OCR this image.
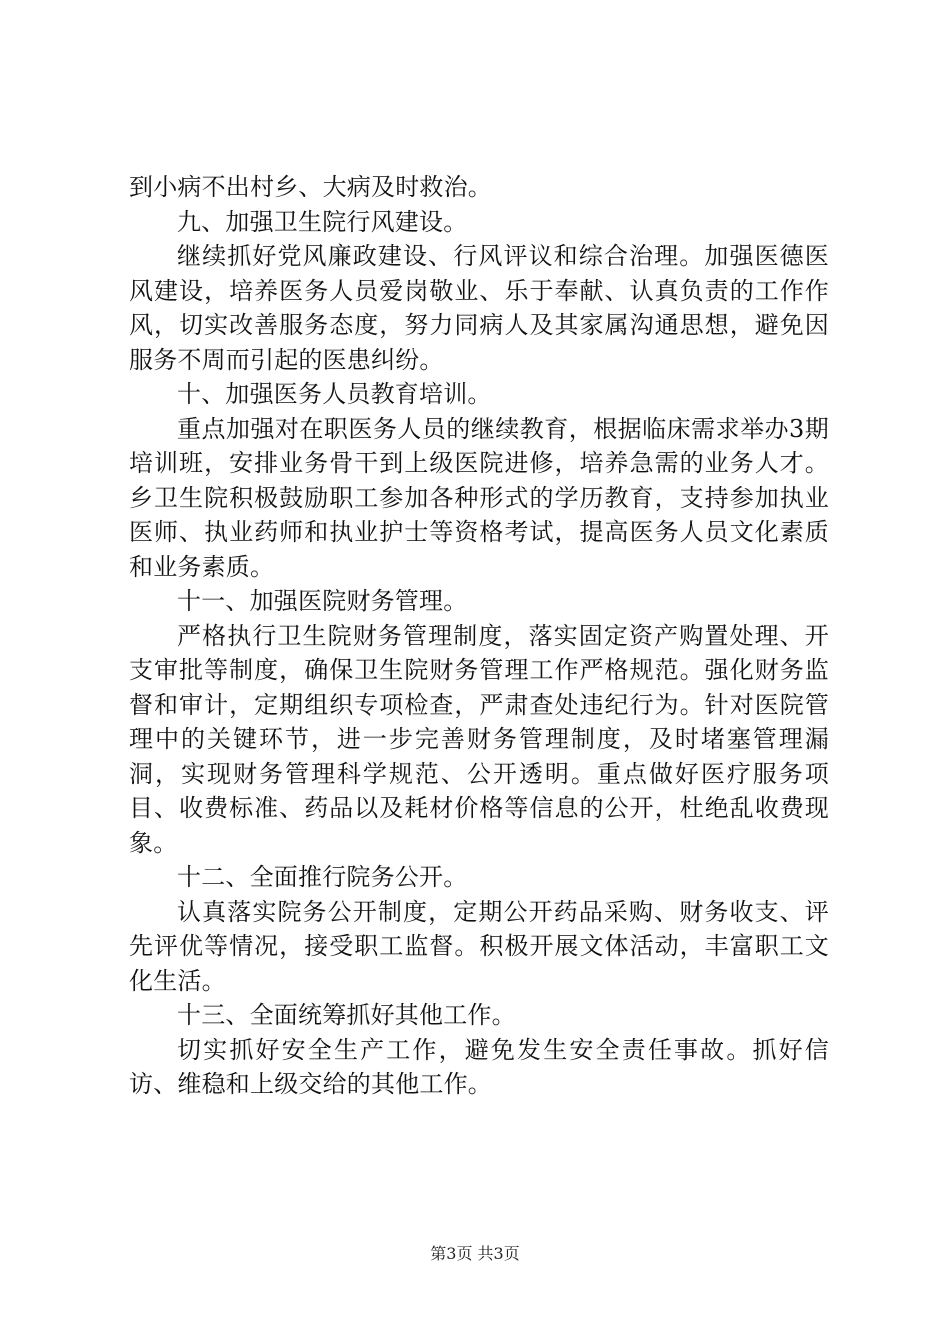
到小病不出村乡、大病及时救治。

九、加强卫生院行风建设。

继续抓好党风廉政建设、行风评议和综合治理。加强医德医风建设，培养医务人员爱岗敬业、乐于奉献、认真负责的工作作风，切实改善服务态度，努力同病人及其家属沟通思想，避免因服务不周而引起的医患纠纷。

十、加强医务人员教育培训。

重点加强对在职医务人员的继续教育，根据临床需求举办3期培训班，安排业务骨干到上级医院进修，培养急需的业务人才。乡卫生院积极鼓励职工参加各种形式的学历教育，支持参加执业医师、执业药师和执业护士等资格考试，提高医务人员文化素质和业务素质。

十一、加强医院财务管理。

严格执行卫生院财务管理制度，落实固定资产购置处理、开支审批等制度，确保卫生院财务管理工作严格规范。强化财务监督和审计，定期组织专项检查，严肃查处违纪行为。针对医院管理中的关键环节，进一步完善财务管理制度，及时堵塞管理漏洞，实现财务管理科学规范、公开透明。重点做好医疗服务项目、收费标准、药品以及耗材价格等信息的公开，杜绝乱收费现象。

十二、全面推行院务公开。

认真落实院务公开制度，定期公开药品采购、财务收支、评先评优等情况，接受职工监督。积极开展文体活动，丰富职工文化生活。

十三、全面统筹抓好其他工作。

切实抓好安全生产工作，避免发生安全责任事故。抓好信访、维稳和上级交给的其他工作。

第3页 共3页
